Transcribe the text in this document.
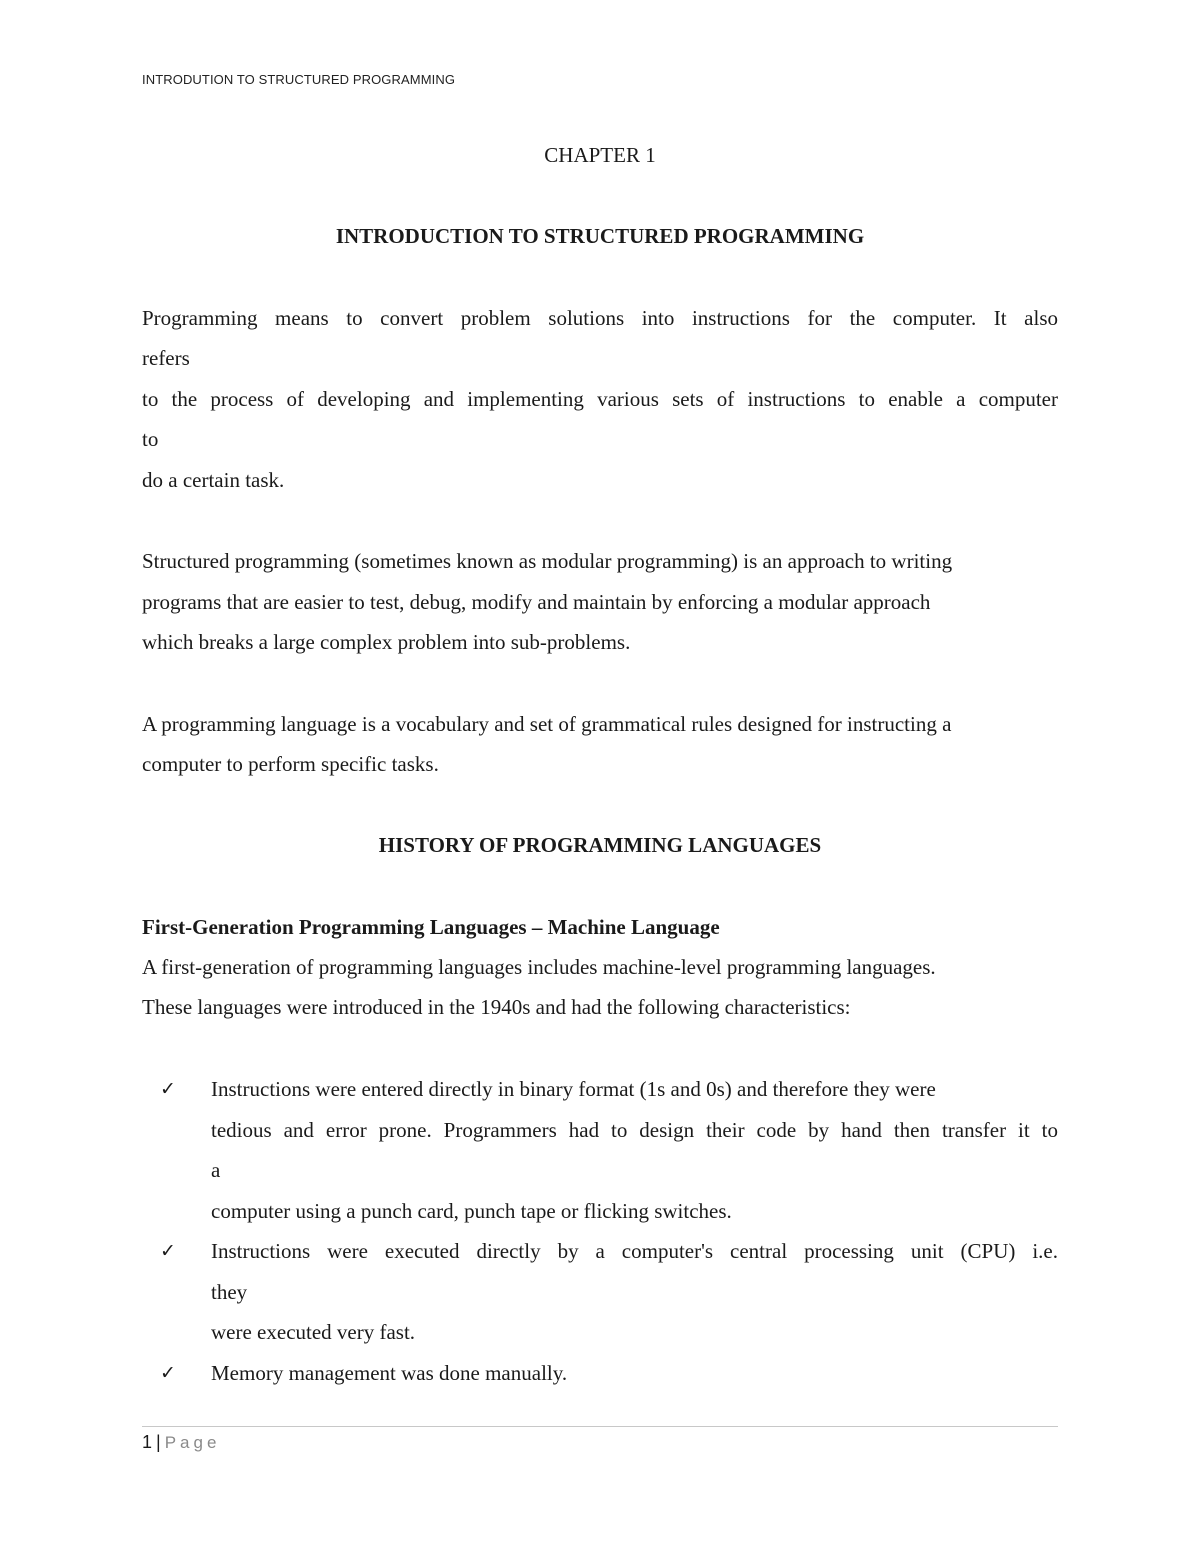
INTRODUTION TO STRUCTURED PROGRAMMING
CHAPTER 1
INTRODUCTION TO STRUCTURED PROGRAMMING
Programming means to convert problem solutions into instructions for the computer. It also
refers
to the process of developing and implementing various sets of instructions to enable a computer
to
do a certain task.
Structured programming (sometimes known as modular programming) is an approach to writing
programs that are easier to test, debug, modify and maintain by enforcing a modular approach
which breaks a large complex problem into sub-problems.
A programming language is a vocabulary and set of grammatical rules designed for instructing a
computer to perform specific tasks.
HISTORY OF PROGRAMMING LANGUAGES
First-Generation Programming Languages – Machine Language
A first-generation of programming languages includes machine-level programming languages.
These languages were introduced in the 1940s and had the following characteristics:
✓ Instructions were entered directly in binary format (1s and 0s) and therefore they were
tedious and error prone. Programmers had to design their code by hand then transfer it to
a
computer using a punch card, punch tape or flicking switches.
✓ Instructions were executed directly by a computer's central processing unit (CPU) i.e.
they
were executed very fast.
✓ Memory management was done manually.
1 | Page
